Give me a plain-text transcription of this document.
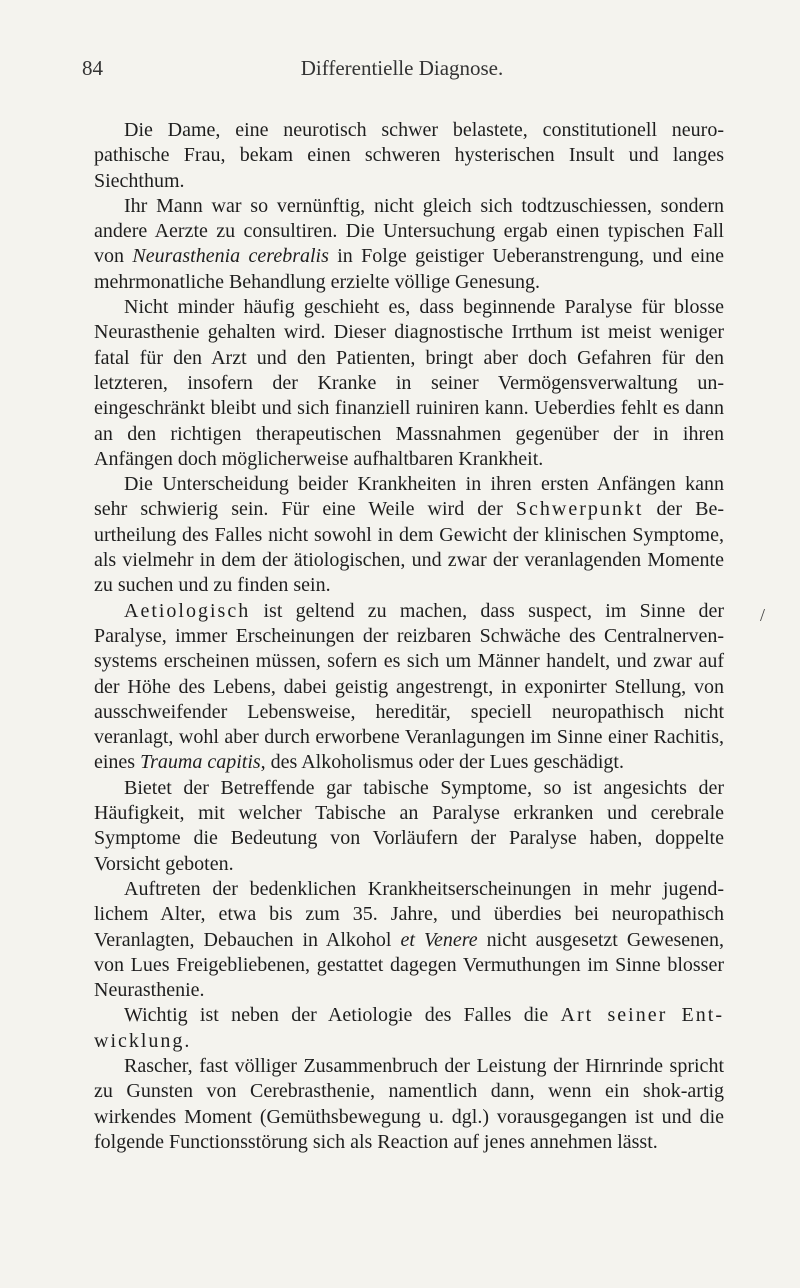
84	Differentielle Diagnose.
/

Die Dame, eine neurotisch schwer belastete, constitutionell neuro-pathische Frau, bekam einen schweren hysterischen Insult und langes Siechthum.

Ihr Mann war so vernünftig, nicht gleich sich todtzuschiessen, sondern andere Aerzte zu consultiren. Die Untersuchung ergab einen typischen Fall von Neurasthenia cerebralis in Folge geistiger Ueberanstrengung, und eine mehrmonatliche Behandlung erzielte völlige Genesung.

Nicht minder häufig geschieht es, dass beginnende Paralyse für blosse Neurasthenie gehalten wird. Dieser diagnostische Irrthum ist meist weniger fatal für den Arzt und den Patienten, bringt aber doch Gefahren für den letzteren, insofern der Kranke in seiner Vermögensverwaltung un-eingeschränkt bleibt und sich finanziell ruiniren kann. Ueberdies fehlt es dann an den richtigen therapeutischen Massnahmen gegenüber der in ihren Anfängen doch möglicherweise aufhaltbaren Krankheit.

Die Unterscheidung beider Krankheiten in ihren ersten Anfängen kann sehr schwierig sein. Für eine Weile wird der Schwerpunkt der Be-urtheilung des Falles nicht sowohl in dem Gewicht der klinischen Symptome, als vielmehr in dem der ätiologischen, und zwar der veranlagenden Momente zu suchen und zu finden sein.

Aetiologisch ist geltend zu machen, dass suspect, im Sinne der Paralyse, immer Erscheinungen der reizbaren Schwäche des Centralnerven-systems erscheinen müssen, sofern es sich um Männer handelt, und zwar auf der Höhe des Lebens, dabei geistig angestrengt, in exponirter Stellung, von ausschweifender Lebensweise, hereditär, speciell neuropathisch nicht veranlagt, wohl aber durch erworbene Veranlagungen im Sinne einer Rachitis, eines Trauma capitis, des Alkoholismus oder der Lues geschädigt.

Bietet der Betreffende gar tabische Symptome, so ist angesichts der Häufigkeit, mit welcher Tabische an Paralyse erkranken und cerebrale Symptome die Bedeutung von Vorläufern der Paralyse haben, doppelte Vorsicht geboten.

Auftreten der bedenklichen Krankheitserscheinungen in mehr jugend-lichem Alter, etwa bis zum 35. Jahre, und überdies bei neuropathisch Veranlagten, Debauchen in Alkohol et Venere nicht ausgesetzt Gewesenen, von Lues Freigebliebenen, gestattet dagegen Vermuthungen im Sinne blosser Neurasthenie.

Wichtig ist neben der Aetiologie des Falles die Art seiner Ent-wicklung.

Rascher, fast völliger Zusammenbruch der Leistung der Hirnrinde spricht zu Gunsten von Cerebrasthenie, namentlich dann, wenn ein shok-artig wirkendes Moment (Gemüthsbewegung u. dgl.) vorausgegangen ist und die folgende Functionsstörung sich als Reaction auf jenes annehmen lässt.
